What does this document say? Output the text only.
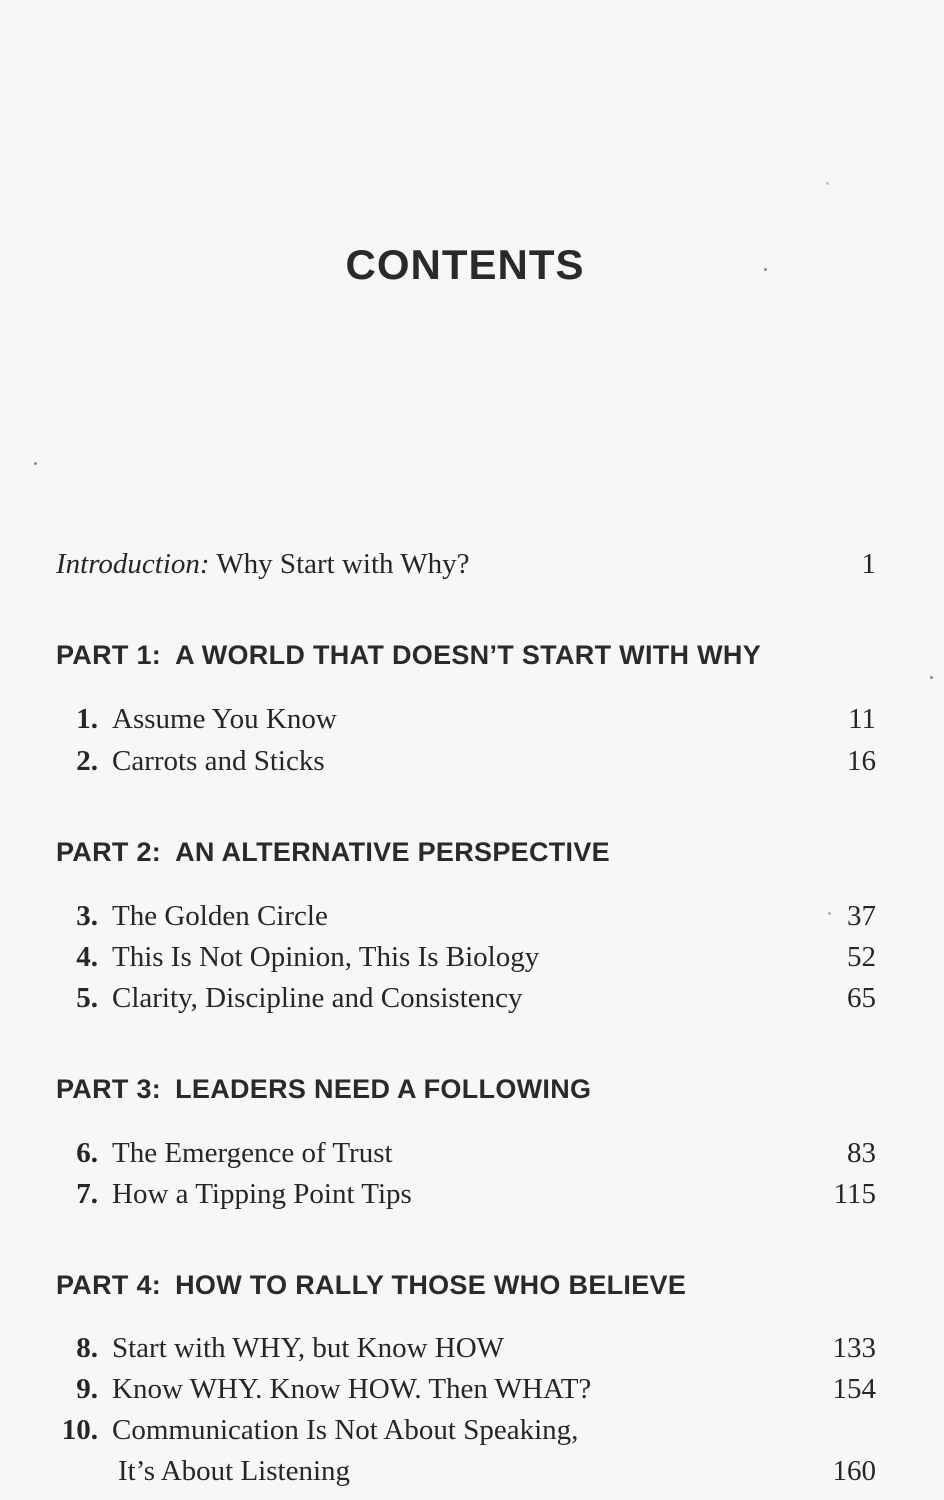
CONTENTS
Introduction: Why Start with Why?	1
PART 1: A WORLD THAT DOESN’T START WITH WHY
1. Assume You Know	11
2. Carrots and Sticks	16
PART 2: AN ALTERNATIVE PERSPECTIVE
3. The Golden Circle	37
4. This Is Not Opinion, This Is Biology	52
5. Clarity, Discipline and Consistency	65
PART 3: LEADERS NEED A FOLLOWING
6. The Emergence of Trust	83
7. How a Tipping Point Tips	115
PART 4: HOW TO RALLY THOSE WHO BELIEVE
8. Start with WHY, but Know HOW	133
9. Know WHY. Know HOW. Then WHAT?	154
10. Communication Is Not About Speaking,
It’s About Listening	160
